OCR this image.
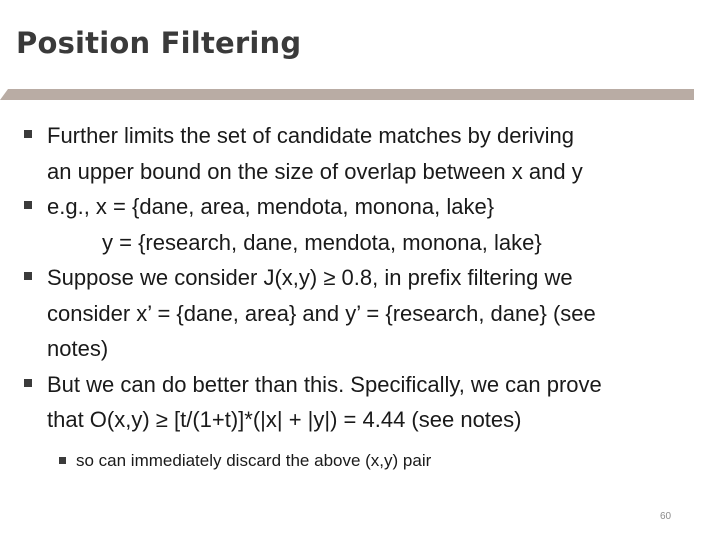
Position Filtering
Further limits the set of candidate matches by deriving
an upper bound on the size of overlap between x and y
e.g., x = {dane, area, mendota, monona, lake}
y = {research, dane, mendota, monona, lake}
Suppose we consider J(x,y) ≥ 0.8, in prefix filtering we
consider x’ = {dane, area} and y’ = {research, dane} (see
notes)
But we can do better than this. Specifically, we can prove
that O(x,y) ≥ [t/(1+t)]*(|x| + |y|) = 4.44 (see notes)
so can immediately discard the above (x,y) pair
60
